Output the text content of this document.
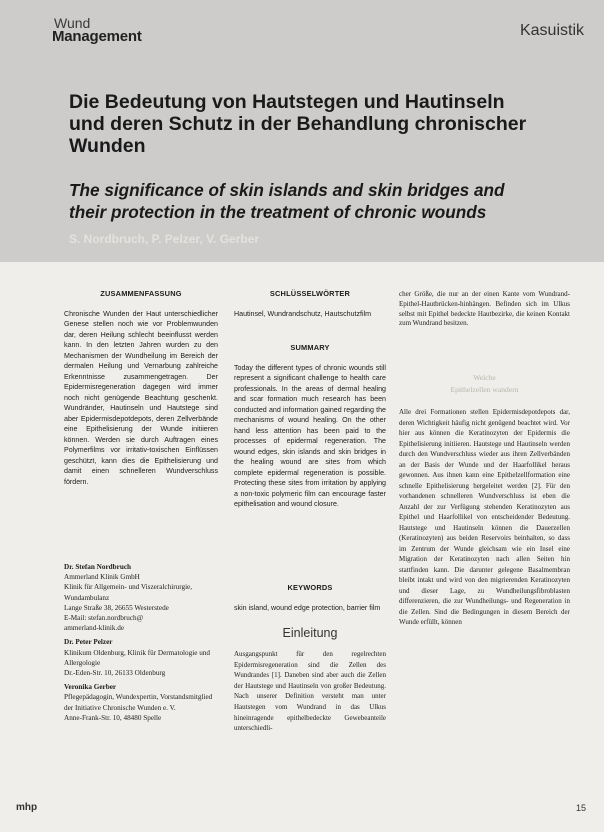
Wund
Management	Kasuistik
Die Bedeutung von Hautstegen und Hautinseln und deren Schutz in der Behandlung chronischer Wunden
The significance of skin islands and skin bridges and their protection in the treatment of chronic wounds
S. Nordbruch, P. Pelzer, V. Gerber
ZUSAMMENFASSUNG

Chronische Wunden der Haut unterschiedlicher Genese stellen noch wie vor Problemwunden dar, deren Heilung schlecht beeinflusst werden kann. In den letzten Jahren wurden zu den Mechanismen der Wundheilung im Bereich der dermalen Heilung und Vernarbung zahlreiche Erkenntnisse zusammengetragen. Der Epidermisregeneration dagegen wird immer noch nicht genügende Beachtung geschenkt. Wundränder, Hautinseln und Hautstege sind aber Epidermisdepotdepots, deren Zellverbände eine Epithelisierung der Wunde initiieren können. Werden sie durch Auftragen eines Polymerfilms vor irritativ-toxischen Einflüssen geschützt, kann dies die Epithelisierung und damit einen schnelleren Wundverschluss fördern.

SCHLÜSSELWÖRTER

Hautinsel, Wundrandschutz, Hautschutzfilm

SUMMARY

Today the different types of chronic wounds still represent a significant challenge to health care professionals. In the areas of dermal healing and scar formation much research has been conducted and information gained regarding the mechanisms of wound healing. On the other hand less attention has been paid to the processes of epidermal regeneration. The wound edges, skin islands and skin bridges in the healing wound are sites from which complete epidermal regeneration is possible. Protecting these sites from irritation by applying a non-toxic polymeric film can encourage faster epithelisation and wound closure.

KEYWORDS

skin island, wound edge protection, barrier film

Dr. Stefan Nordbruch
Ammerland Klinik GmbH
Klinik für Allgemein- und Viszeralchirurgie, Wundambulanz
Lange Straße 38, 26655 Westerstede
E-Mail: stefan.nordbruch@
ammerland-klinik.de
Dr. Peter Pelzer
Klinikum Oldenburg, Klinik für Dermatologie und Allergologie
Dr.-Eden-Str. 10, 26133 Oldenburg
Veronika Gerber
Pflegepädagogin, Wundexpertin, Vorstandsmitglied der Initiative Chronische Wunden e. V.
Anne-Frank-Str. 10, 48480 Spelle
Einleitung
Ausgangspunkt für den regelrechten Epidermisregeneration sind die Zellen des Wundrandes [1]. Daneben sind aber auch die Zellen der Hautstege und Hautinseln von großer Bedeutung. Nach unserer Definition versteht man unter Hautstegen vom Wundrand in das Ulkus hineinragende epithelbedeckte Gewebeanteile unterschiedli-
cher Größe, die nur an der einen Kante vom Wundrand-Epithel-Hautbrücken-hinhängen. Befinden sich im Ulkus selbst mit Epithel bedeckte Hautbezirke, die keinen Kontakt zum Wundrand besitzen.
Welche
Epithelzellen wandern
Alle drei Formationen stellen Epidermisdepotdepots dar, deren Wichtigkeit häufig nicht genügend beachtet wird. Vor hier aus können die Keratinozyten der Epidermis die Epithelisierung initiieren. Hautstege und Hautinseln werden durch den Wundverschluss wieder aus ihren Zellverbänden an der Basis der Wunde und der Haarfollikel heraus gewonnen. Aus ihnen kann eine Epithelzellformation eine schnelle Epithelisierung hergeleitet werden [2]. Für den vorhandenen schnelleren Wundverschluss ist eben die Anzahl der zur Verfügung stehenden Keratinozyten aus Epithel und Haarfollikel von entscheidender Bedeutung. Hautstege und Hautinseln können die Dauerzellen (Keratinozyten) aus beiden Reservoirs beinhalten, so dass im Zentrum der Wunde gleichsam wie ein Insel eine Migration der Keratinozyten nach allen Seiten hin stattfinden kann. Die darunter gelegene Basalmembran bleibt intakt und wird von den migrierenden Keratinozyten und dieser Lage, zu Wundheilungsfibroblasten differenzieren, die zur Wundheilungs- und Regeneration in die Zellen. Sind die Bedingungen in diesem Bereich der Wunde erfüllt, können
mhp	15
